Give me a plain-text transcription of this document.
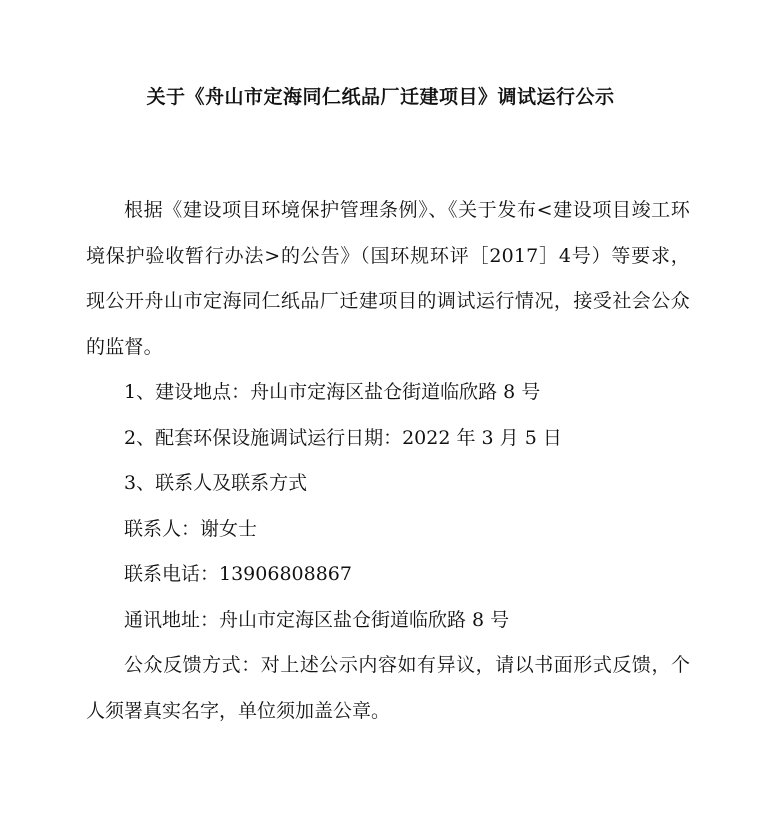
关于《舟山市定海同仁纸品厂迁建项目》调试运行公示

根据《建设项目环境保护管理条例》、《关于发布<建设项目竣工环境保护验收暂行办法>的公告》（国环规环评［2017］4号）等要求，现公开舟山市定海同仁纸品厂迁建项目的调试运行情况，接受社会公众的监督。

1、建设地点：舟山市定海区盐仓街道临欣路 8 号

2、配套环保设施调试运行日期：2022 年 3 月 5 日

3、联系人及联系方式

联系人：谢女士

联系电话：13906808867

通讯地址：舟山市定海区盐仓街道临欣路 8 号

公众反馈方式：对上述公示内容如有异议，请以书面形式反馈，个人须署真实名字，单位须加盖公章。
